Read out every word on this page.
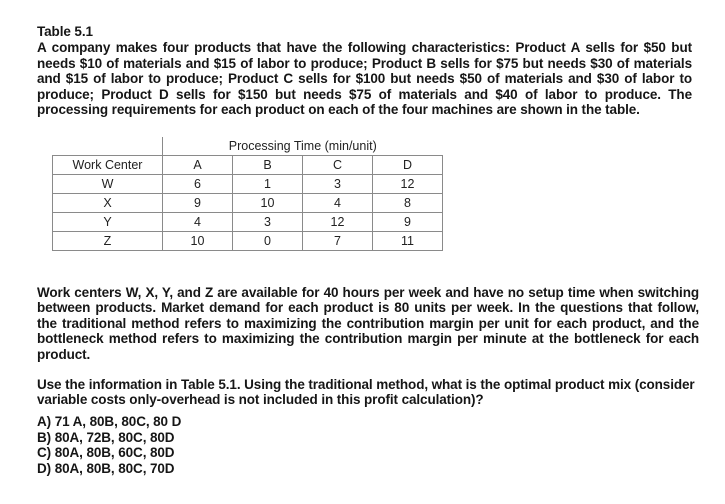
Table 5.1
A company makes four products that have the following characteristics: Product A sells for $50 but needs $10 of materials and $15 of labor to produce; Product B sells for $75 but needs $30 of materials and $15 of labor to produce; Product C sells for $100 but needs $50 of materials and $30 of labor to produce; Product D sells for $150 but needs $75 of materials and $40 of labor to produce. The processing requirements for each product on each of the four machines are shown in the table.
	Processing Time (min/unit)			
Work Center	A	B	C	D
W	6	1	3	12
X	9	10	4	8
Y	4	3	12	9
Z	10	0	7	11
Work centers W, X, Y, and Z are available for 40 hours per week and have no setup time when switching between products. Market demand for each product is 80 units per week. In the questions that follow, the traditional method refers to maximizing the contribution margin per unit for each product, and the bottleneck method refers to maximizing the contribution margin per minute at the bottleneck for each product.
Use the information in Table 5.1. Using the traditional method, what is the optimal product mix (consider variable costs only-overhead is not included in this profit calculation)?
A) 71 A, 80B, 80C, 80 D
B) 80A, 72B, 80C, 80D
C) 80A, 80B, 60C, 80D
D) 80A, 80B, 80C, 70D
